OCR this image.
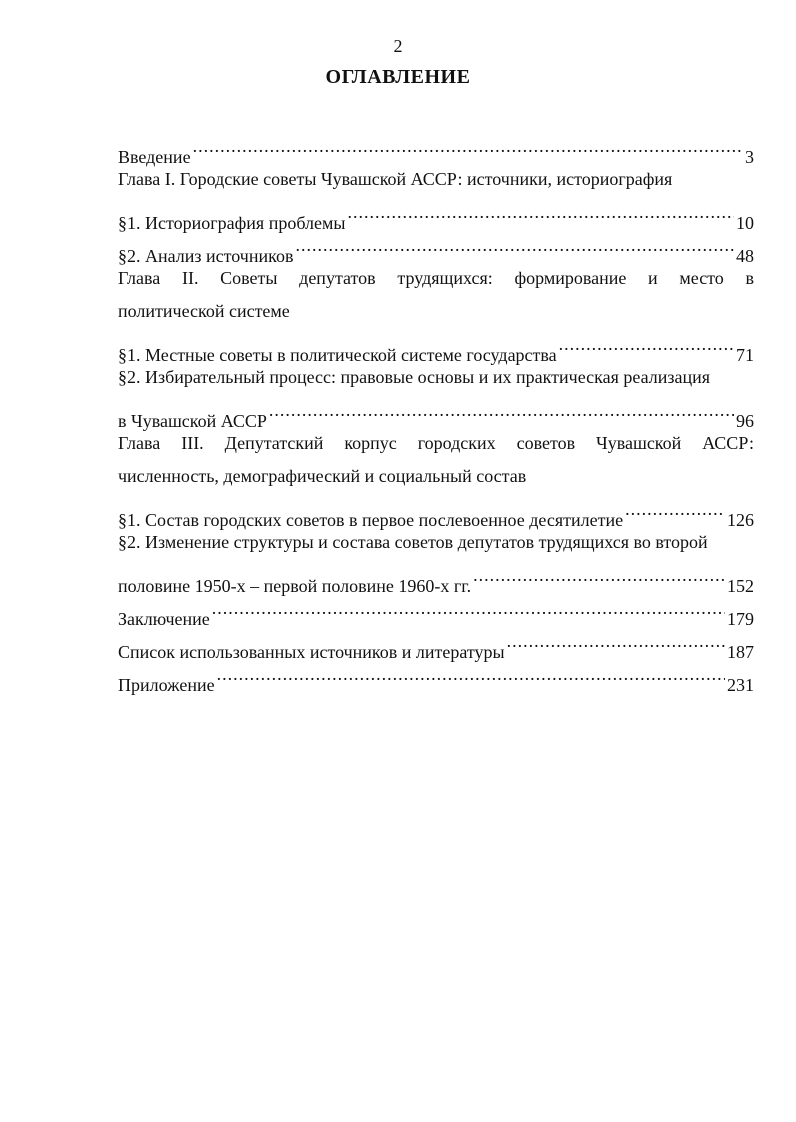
2
ОГЛАВЛЕНИЕ
Введение .....	3
Глава I. Городские советы Чувашской АССР: источники, историография
§1. Историография проблемы .....	10
§2. Анализ источников .....	48
Глава II. Советы депутатов трудящихся: формирование и место в
политической системе
§1. Местные советы в политической системе государства .....	71
§2. Избирательный процесс: правовые основы и их практическая реализация
в Чувашской АССР .....	96
Глава III. Депутатский корпус городских советов Чувашской АССР:
численность, демографический и социальный состав
§1. Состав городских советов в первое послевоенное десятилетие .....	126
§2. Изменение структуры и состава советов депутатов трудящихся во второй
половине 1950-х – первой половине 1960-х гг. .....	152
Заключение .....	179
Список использованных источников и литературы .....	187
Приложение .....	231
